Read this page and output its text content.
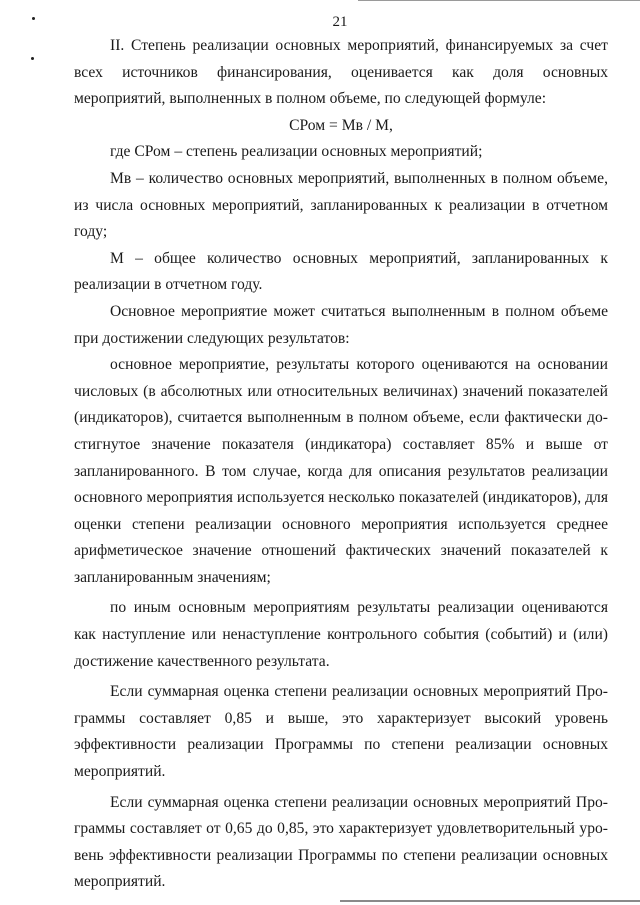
21

II. Степень реализации основных мероприятий, финансируемых за счет всех источников финансирования, оценивается как доля основных мероприятий, выполненных в полном объеме, по следующей формуле:

СРом = Мв / М,

где СРом – степень реализации основных мероприятий;

Мв – количество основных мероприятий, выполненных в полном объеме, из числа основных мероприятий, запланированных к реализации в отчетном году;

М – общее количество основных мероприятий, запланированных к реализации в отчетном году.

Основное мероприятие может считаться выполненным в полном объеме при достижении следующих результатов:

основное мероприятие, результаты которого оцениваются на основании числовых (в абсолютных или относительных величинах) значений показателей (индикаторов), считается выполненным в полном объеме, если фактически достигнутое значение показателя (индикатора) составляет 85% и выше от запланированного. В том случае, когда для описания результатов реализации основного мероприятия используется несколько показателей (индикаторов), для оценки степени реализации основного мероприятия используется среднее арифметическое значение отношений фактических значений показателей к запланированным значениям;

по иным основным мероприятиям результаты реализации оцениваются как наступление или ненаступление контрольного события (событий) и (или) достижение качественного результата.

Если суммарная оценка степени реализации основных мероприятий Программы составляет 0,85 и выше, это характеризует высокий уровень эффективности реализации Программы по степени реализации основных мероприятий.

Если суммарная оценка степени реализации основных мероприятий Программы составляет от 0,65 до 0,85, это характеризует удовлетворительный уровень эффективности реализации Программы по степени реализации основных мероприятий.
